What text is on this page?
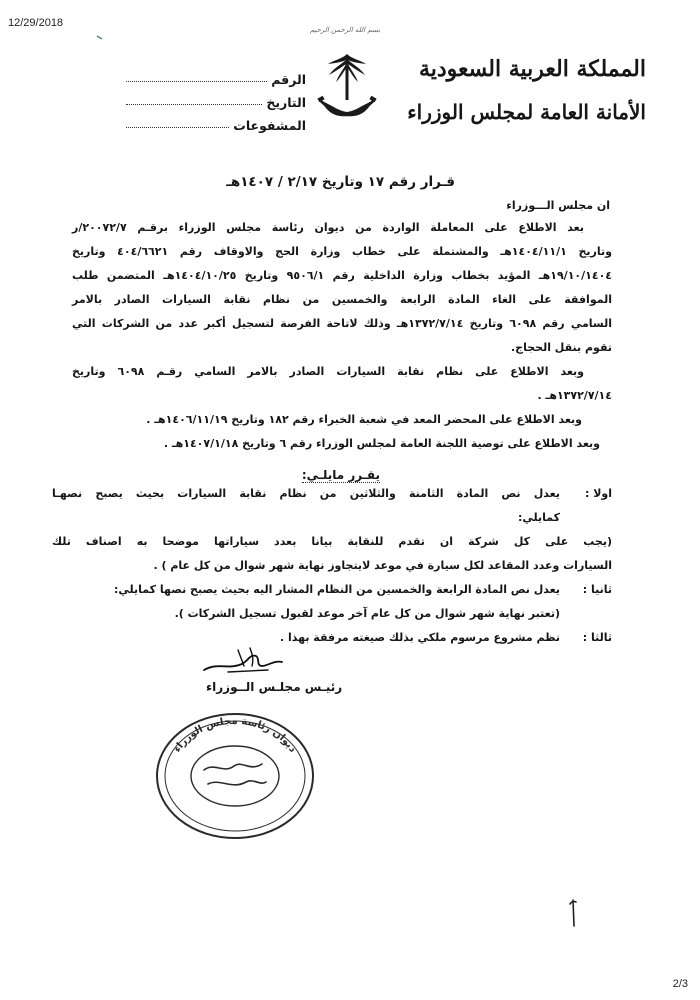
12/29/2018
بسم الله الرحمن الرحيم
المملكة العربية السعودية
الأمانة العامة لمجلس الوزراء
الرقم
التاريخ
المشفوعات
قـرار رقم ١٧ وتاريخ ٢/١٧ / ١٤٠٧هـ
ان مجلس الـــوزراء
بعد الاطلاع على المعاملة الواردة من ديوان رئاسة مجلس الوزراء برقـم ٢٠٠٧٢/٧/ر
وتاريخ ١٤٠٤/١١/١هـ والمشتملة على خطاب وزارة الحج والاوقاف رقم ٤٠٤/٦٦٢١ وتاريخ
١٩/١٠/١٤٠٤هـ المؤيد بخطاب وزارة الداخلية رقم ٩٥٠٦/١ وتاريخ ١٤٠٤/١٠/٢٥هـ المتضمن طلب
الموافقة على الغاء المادة الرابعة والخمسين من نظام نقابة السيارات الصادر بالامر
السامي رقم ٦٠٩٨ وتاريخ ١٣٧٢/٧/١٤هـ وذلك لاتاحة الفرصة لتسجيل أكبر عدد من الشركات التي
تقوم بنقل الحجاج.
وبعد الاطلاع على نظام نقابة السيارات الصادر بالامر السامي رقـم ٦٠٩٨ وتاريخ
١٣٧٢/٧/١٤هـ .
وبعد الاطلاع على المحضر المعد في شعبة الخبراء رقم ١٨٢ وتاريخ ١٤٠٦/١١/١٩هـ .
وبعد الاطلاع على توصية اللجنة العامة لمجلس الوزراء رقم ٦ وتاريخ ١٤٠٧/١/١٨هـ .
يقـرر مايلـي:
اولا :
يعدل نص المادة الثامنة والثلاثين من نظام نقابة السيارات بحيث يصبح نصهـا
كمايلي:
(يجب على كل شركة ان تقدم للنقابة بيانا بعدد سياراتها موضحا به اصناف تلك
السيارات وعدد المقاعد لكل سيارة في موعد لايتجاوز نهاية شهر شوال من كل عام ) .
ثانيا :
يعدل نص المادة الرابعة والخمسين من النظام المشار اليه بحيث يصبح نصها كمايلي:
(تعتبر نهاية شهر شوال من كل عام آخر موعد لقبول تسجيل الشركات ).
ثالثا :
نظم مشروع مرسوم ملكي بذلك صيغته مرفقة بهذا .
رئيـس مجلـس الــوزراء
ديوان رئاسة مجلس الوزراء
2/3
